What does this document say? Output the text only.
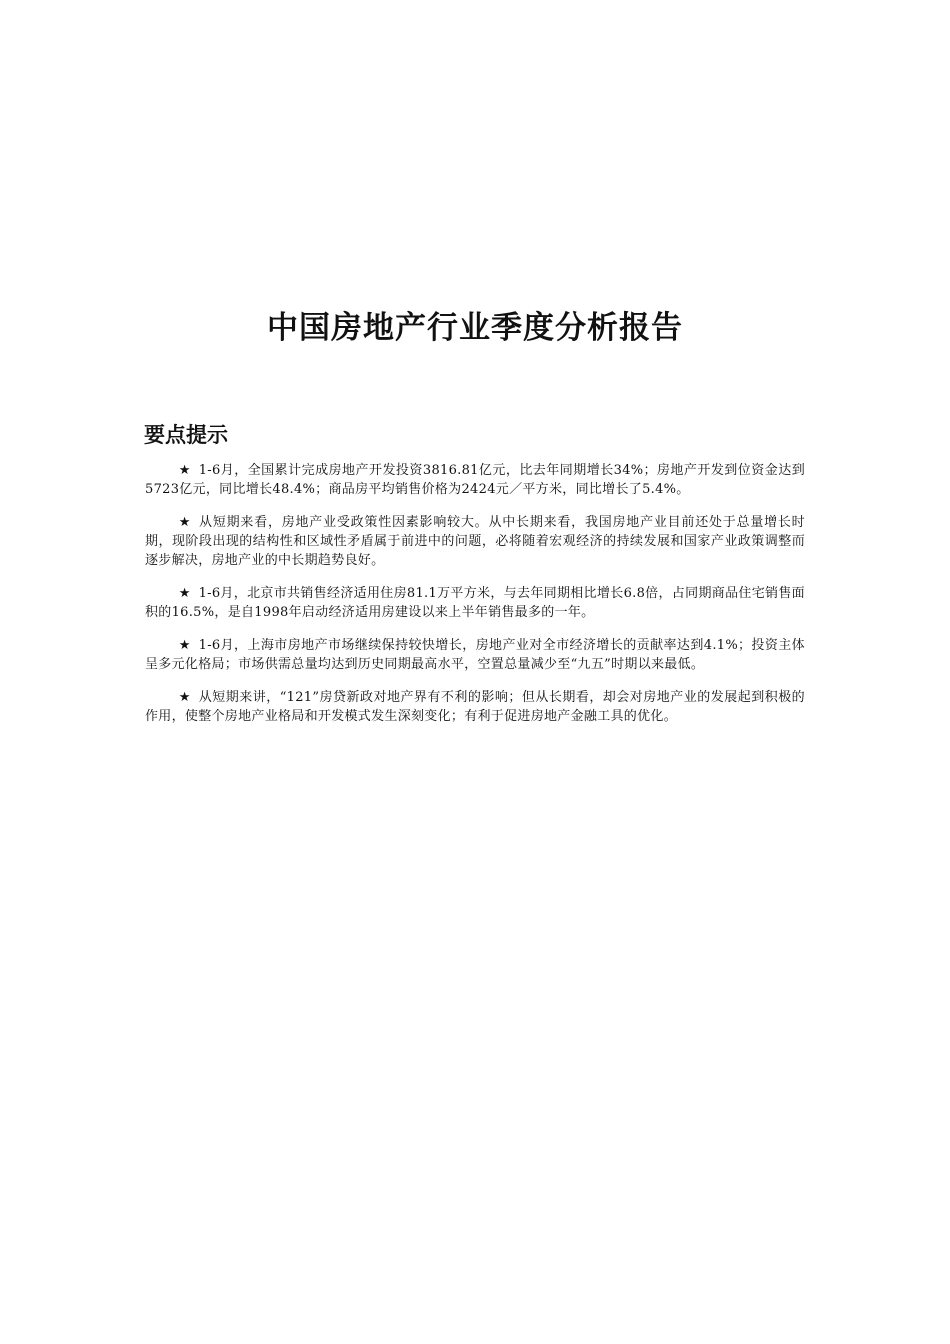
中国房地产行业季度分析报告
要点提示
★ 1-6月，全国累计完成房地产开发投资3816.81亿元，比去年同期增长34%；房地产开发到位资金达到5723亿元，同比增长48.4%；商品房平均销售价格为2424元／平方米，同比增长了5.4%。
★ 从短期来看，房地产业受政策性因素影响较大。从中长期来看，我国房地产业目前还处于总量增长时期，现阶段出现的结构性和区域性矛盾属于前进中的问题，必将随着宏观经济的持续发展和国家产业政策调整而逐步解决，房地产业的中长期趋势良好。
★ 1-6月，北京市共销售经济适用住房81.1万平方米，与去年同期相比增长6.8倍，占同期商品住宅销售面积的16.5%，是自1998年启动经济适用房建设以来上半年销售最多的一年。
★ 1-6月，上海市房地产市场继续保持较快增长，房地产业对全市经济增长的贡献率达到4.1%；投资主体呈多元化格局；市场供需总量均达到历史同期最高水平，空置总量减少至“九五”时期以来最低。
★ 从短期来讲，“121”房贷新政对地产界有不利的影响；但从长期看，却会对房地产业的发展起到积极的作用，使整个房地产业格局和开发模式发生深刻变化；有利于促进房地产金融工具的优化。
